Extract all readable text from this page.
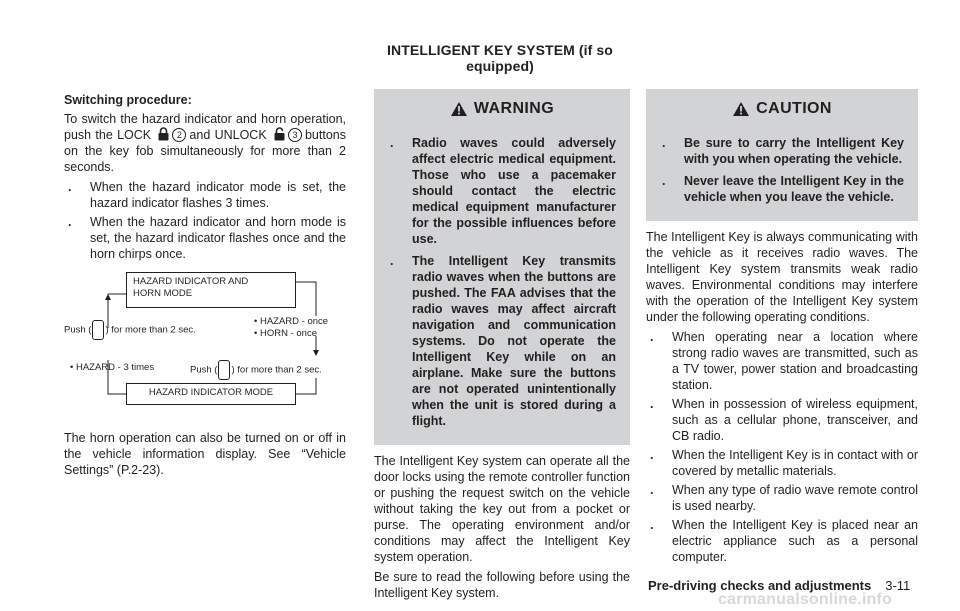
INTELLIGENT KEY SYSTEM (if so equipped)
Switching procedure:

To switch the hazard indicator and horn operation, push the LOCK	2 and UNLOCK	3 buttons on the key fob simultaneously for more than 2 seconds.

. When the hazard indicator mode is set, the hazard indicator flashes 3 times.
. When the hazard indicator and horn mode is set, the hazard indicator flashes once and the horn chirps once.
HAZARD INDICATOR AND
HORN MODE
Push ( ) for more than 2 sec.
• HAZARD - once
• HORN - once
• HAZARD - 3 times	Push ( ) for more than 2 sec.
HAZARD INDICATOR MODE

The horn operation can also be turned on or off in the vehicle information display. See “Vehicle Settings” (P.2-23).

WARNING
. Radio waves could adversely affect electric medical equipment. Those who use a pacemaker should contact the electric medical equipment manufacturer for the possible influences before use.
. The Intelligent Key transmits radio waves when the buttons are pushed. The FAA advises that the radio waves may affect aircraft navigation and communication systems. Do not operate the Intelligent Key while on an airplane. Make sure the buttons are not operated unintentionally when the unit is stored during a flight.

The Intelligent Key system can operate all the door locks using the remote controller function or pushing the request switch on the vehicle without taking the key out from a pocket or purse. The operating environment and/or conditions may affect the Intelligent Key system operation.

Be sure to read the following before using the Intelligent Key system.

CAUTION
. Be sure to carry the Intelligent Key with you when operating the vehicle.
. Never leave the Intelligent Key in the vehicle when you leave the vehicle.

The Intelligent Key is always communicating with the vehicle as it receives radio waves. The Intelligent Key system transmits weak radio waves. Environmental conditions may interfere with the operation of the Intelligent Key system under the following operating conditions.

. When operating near a location where strong radio waves are transmitted, such as a TV tower, power station and broadcasting station.
. When in possession of wireless equipment, such as a cellular phone, transceiver, and CB radio.
. When the Intelligent Key is in contact with or covered by metallic materials.
. When any type of radio wave remote control is used nearby.
. When the Intelligent Key is placed near an electric appliance such as a personal computer.
Pre-driving checks and adjustments 3-11
carmanualsonline.info
